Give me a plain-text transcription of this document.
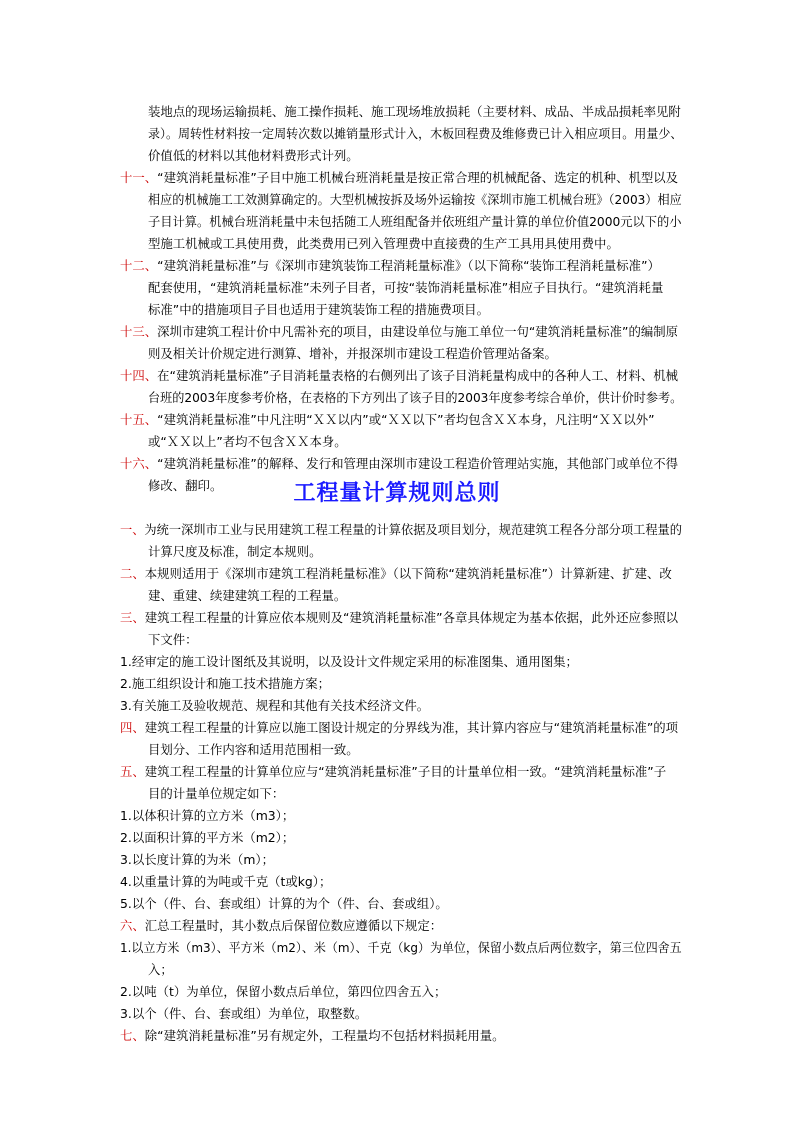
工程量计算规则总则
装地点的现场运输损耗、施工操作损耗、施工现场堆放损耗（主要材料、成品、半成品损耗率见附
录）。周转性材料按一定周转次数以摊销量形式计入，木板回程费及维修费已计入相应项目。用量少、
价值低的材料以其他材料费形式计列。
十一、“建筑消耗量标准”子目中施工机械台班消耗量是按正常合理的机械配备、选定的机种、机型以及
相应的机械施工工效测算确定的。大型机械按拆及场外运输按《深圳市施工机械台班》（2003）相应
子目计算。机械台班消耗量中未包括随工人班组配备并依班组产量计算的单位价值2000元以下的小
型施工机械或工具使用费，此类费用已列入管理费中直接费的生产工具用具使用费中。
十二、“建筑消耗量标准”与《深圳市建筑装饰工程消耗量标准》（以下简称“装饰工程消耗量标准”）
配套使用，“建筑消耗量标准”未列子目者，可按“装饰消耗量标准”相应子目执行。“建筑消耗量
标准”中的措施项目子目也适用于建筑装饰工程的措施费项目。
十三、深圳市建筑工程计价中凡需补充的项目，由建设单位与施工单位一句“建筑消耗量标准”的编制原
则及相关计价规定进行测算、增补，并报深圳市建设工程造价管理站备案。
十四、在“建筑消耗量标准”子目消耗量表格的右侧列出了该子目消耗量构成中的各种人工、材料、机械
台班的2003年度参考价格，在表格的下方列出了该子目的2003年度参考综合单价，供计价时参考。
十五、“建筑消耗量标准”中凡注明“ＸＸ以内”或“ＸＸ以下”者均包含ＸＸ本身，凡注明“ＸＸ以外”
或“ＸＸ以上”者均不包含ＸＸ本身。
十六、“建筑消耗量标准”的解释、发行和管理由深圳市建设工程造价管理站实施，其他部门或单位不得
修改、翻印。
一、为统一深圳市工业与民用建筑工程工程量的计算依据及项目划分，规范建筑工程各分部分项工程量的
计算尺度及标准，制定本规则。
二、本规则适用于《深圳市建筑工程消耗量标准》（以下简称“建筑消耗量标准”）计算新建、扩建、改
建、重建、续建建筑工程的工程量。
三、建筑工程工程量的计算应依本规则及“建筑消耗量标准”各章具体规定为基本依据，此外还应参照以
下文件：
1.经审定的施工设计图纸及其说明，以及设计文件规定采用的标准图集、通用图集；
2.施工组织设计和施工技术措施方案；
3.有关施工及验收规范、规程和其他有关技术经济文件。
四、建筑工程工程量的计算应以施工图设计规定的分界线为准，其计算内容应与“建筑消耗量标准”的项
目划分、工作内容和适用范围相一致。
五、建筑工程工程量的计算单位应与“建筑消耗量标准”子目的计量单位相一致。“建筑消耗量标准”子
目的计量单位规定如下：
1.以体积计算的立方米（m3）；
2.以面积计算的平方米（m2）；
3.以长度计算的为米（m）；
4.以重量计算的为吨或千克（t或kg）；
5.以个（件、台、套或组）计算的为个（件、台、套或组）。
六、汇总工程量时，其小数点后保留位数应遵循以下规定：
1.以立方米（m3）、平方米（m2）、米（m）、千克（kg）为单位，保留小数点后两位数字，第三位四舍五
入；
2.以吨（t）为单位，保留小数点后单位，第四位四舍五入；
3.以个（件、台、套或组）为单位，取整数。
七、除“建筑消耗量标准”另有规定外，工程量均不包括材料损耗用量。
